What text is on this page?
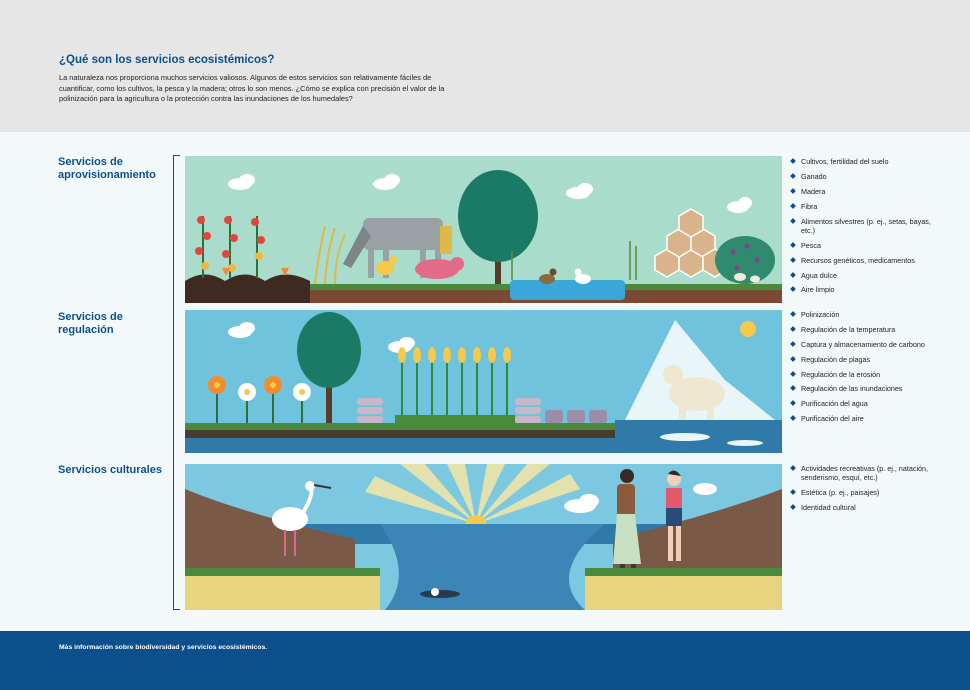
¿Qué son los servicios ecosistémicos?

La naturaleza nos proporciona muchos servicios valiosos. Algunos de estos servicios son relativamente fáciles de cuantificar, como los cultivos, la pesca y la madera; otros lo son menos. ¿Cómo se explica con precisión el valor de la polinización para la agricultura o la protección contra las inundaciones de los humedales?

Servicios de aprovisionamiento
Servicios de regulación
Servicios culturales
Cultivos, fertilidad del suelo
Ganado
Madera
Fibra
Alimentos silvestres (p. ej., setas, bayas, etc.)
Pesca
Recursos genéticos, medicamentos
Agua dulce
Aire limpio
Polinización
Regulación de la temperatura
Captura y almacenamiento de carbono
Regulación de plagas
Regulación de la erosión
Regulación de las inundaciones
Purificación del agua
Purificación del aire
Actividades recreativas (p. ej., natación, senderismo, esquí, etc.)
Estética (p. ej., paisajes)
Identidad cultural
Más información sobre biodiversidad y servicios ecosistémicos.
